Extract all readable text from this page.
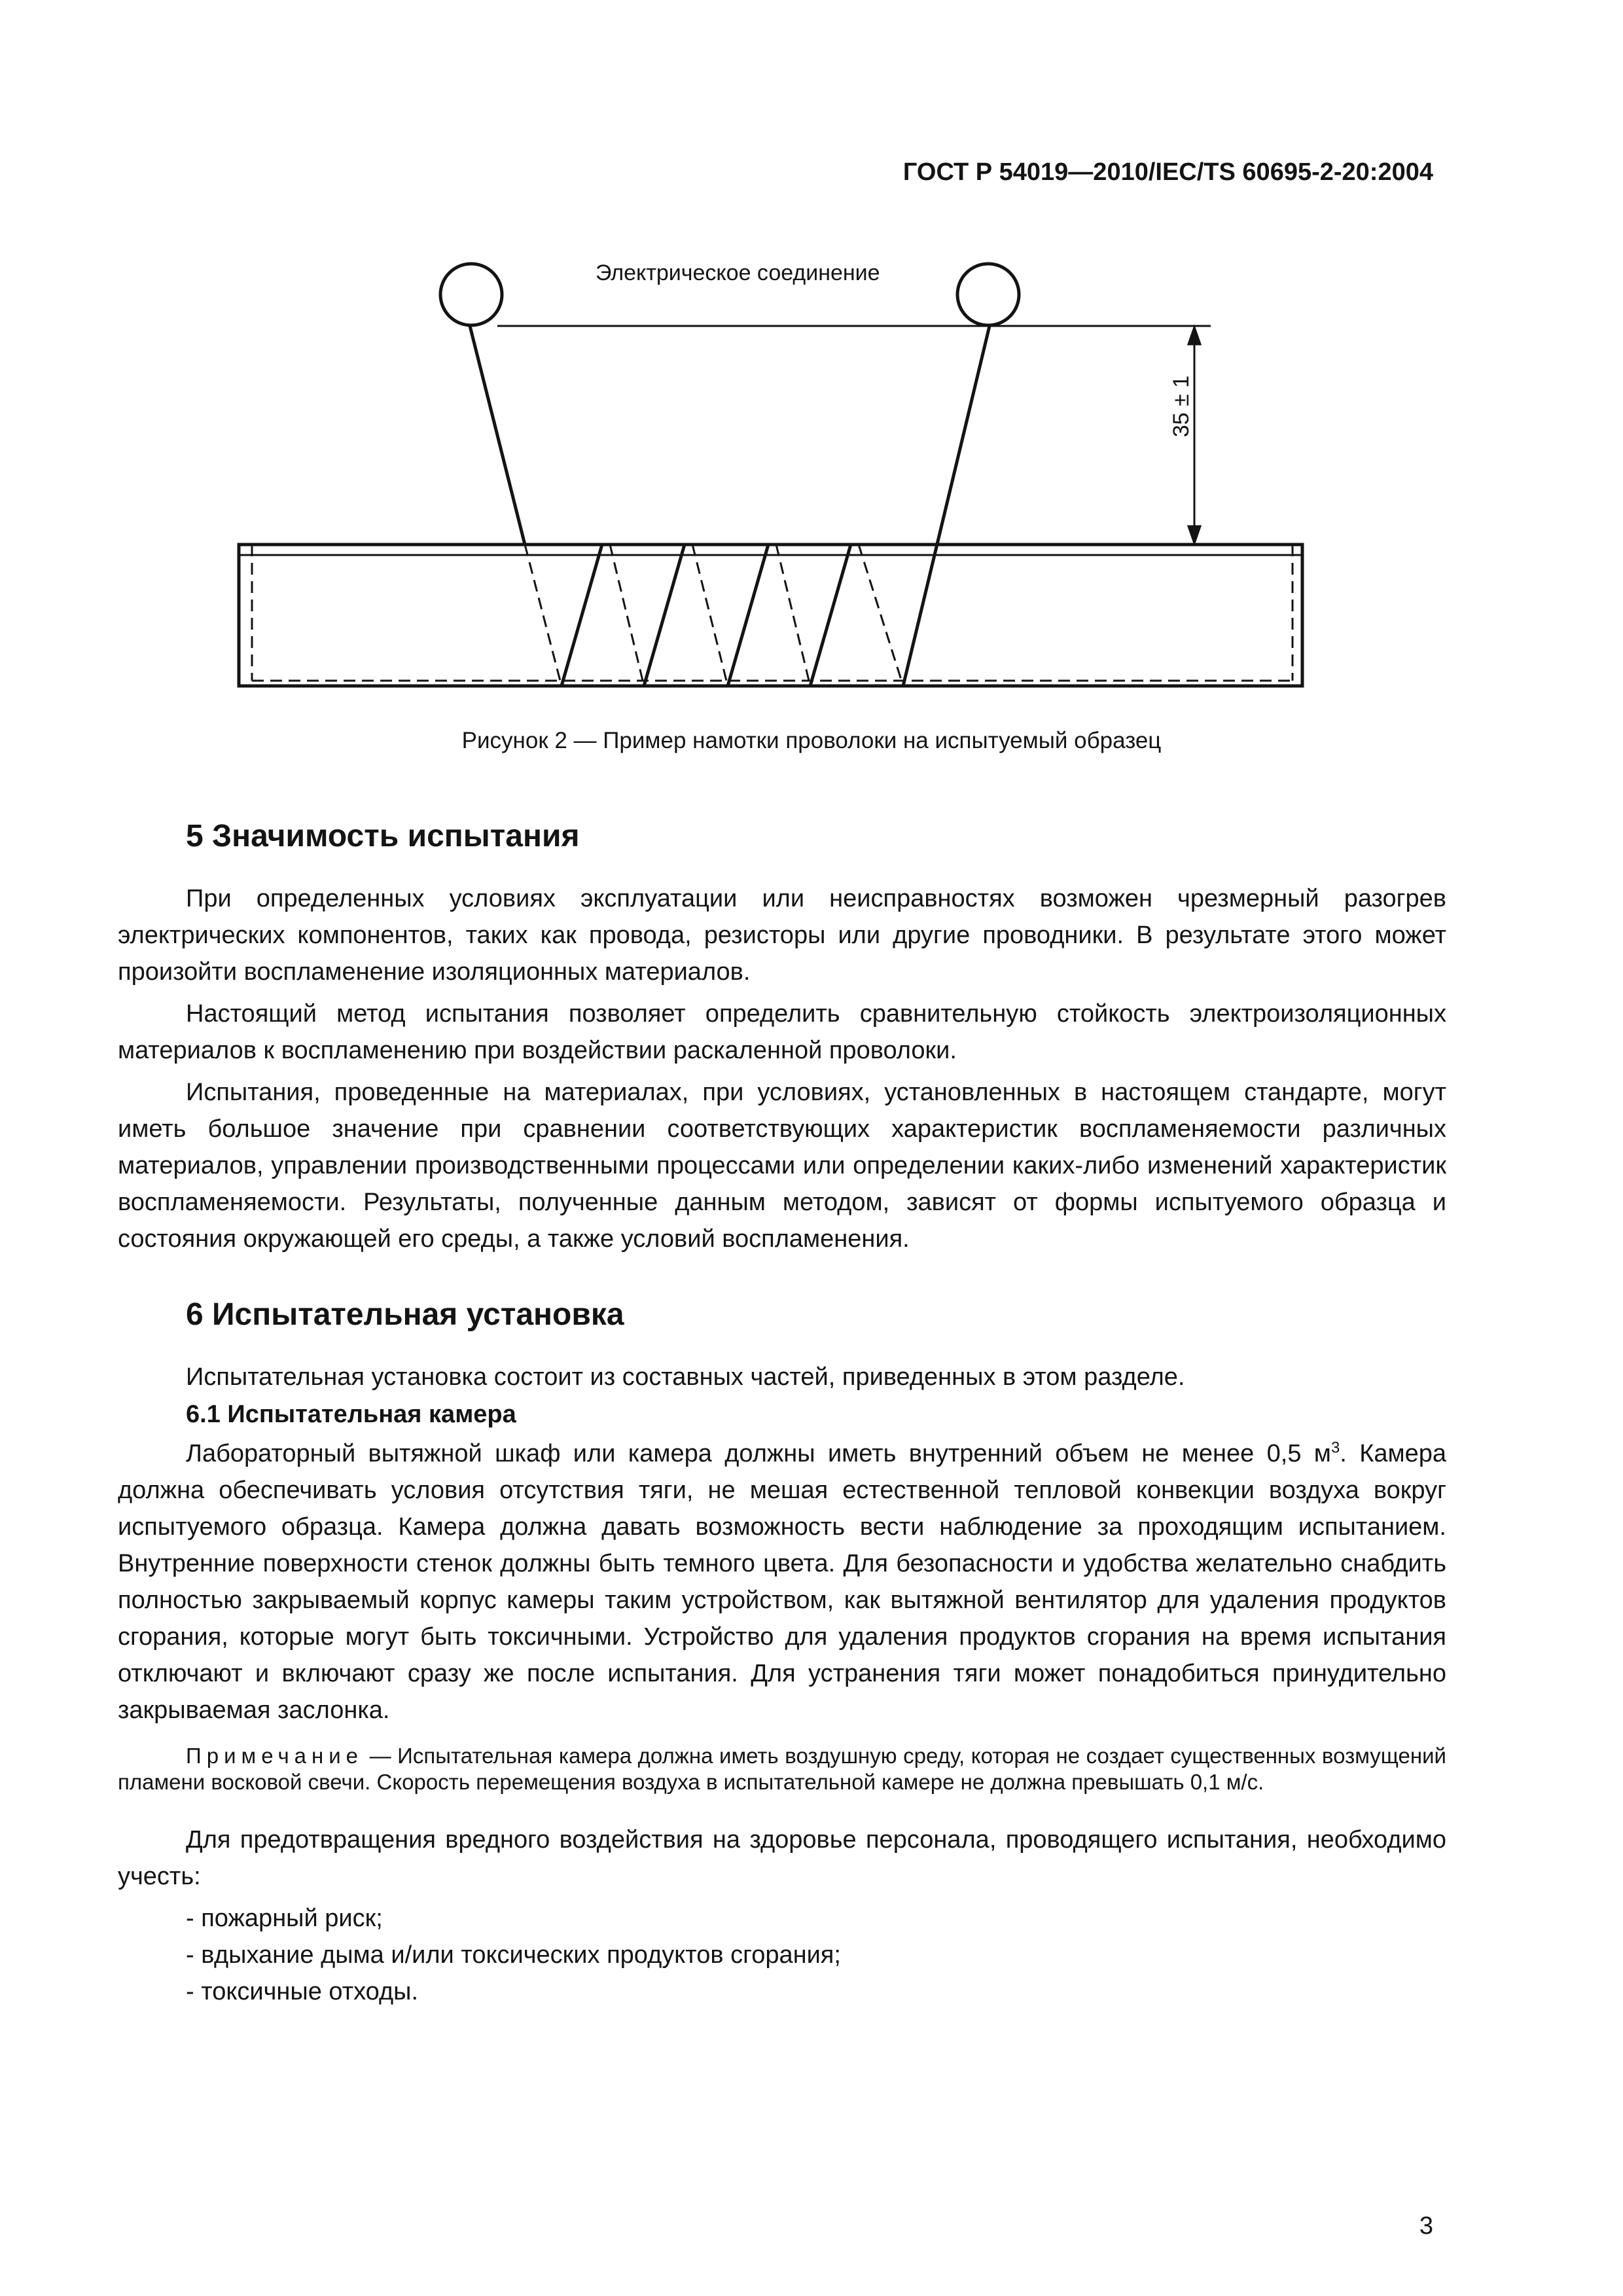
ГОСТ Р 54019—2010/IEC/TS 60695-2-20:2004
Электрическое соединение
35 ± 1
Рисунок 2 — Пример намотки проволоки на испытуемый образец
5 Значимость испытания

При определенных условиях эксплуатации или неисправностях возможен чрезмерный разогрев электрических компонентов, таких как провода, резисторы или другие проводники. В результате этого может произойти воспламенение изоляционных материалов.

Настоящий метод испытания позволяет определить сравнительную стойкость электроизоляционных материалов к воспламенению при воздействии раскаленной проволоки.

Испытания, проведенные на материалах, при условиях, установленных в настоящем стандарте, могут иметь большое значение при сравнении соответствующих характеристик воспламеняемости различных материалов, управлении производственными процессами или определении каких-либо изменений характеристик воспламеняемости. Результаты, полученные данным методом, зависят от формы испытуемого образца и состояния окружающей его среды, а также условий воспламенения.

6 Испытательная установка

Испытательная установка состоит из составных частей, приведенных в этом разделе.

6.1 Испытательная камера

Лабораторный вытяжной шкаф или камера должны иметь внутренний объем не менее 0,5 $м^3$. Камера должна обеспечивать условия отсутствия тяги, не мешая естественной тепловой конвекции воздуха вокруг испытуемого образца. Камера должна давать возможность вести наблюдение за проходящим испытанием. Внутренние поверхности стенок должны быть темного цвета. Для безопасности и удобства желательно снабдить полностью закрываемый корпус камеры таким устройством, как вытяжной вентилятор для удаления продуктов сгорания, которые могут быть токсичными. Устройство для удаления продуктов сгорания на время испытания отключают и включают сразу же после испытания. Для устранения тяги может понадобиться принудительно закрываемая заслонка.

Примечание — Испытательная камера должна иметь воздушную среду, которая не создает существенных возмущений пламени восковой свечи. Скорость перемещения воздуха в испытательной камере не должна превышать 0,1 м/с.

Для предотвращения вредного воздействия на здоровье персонала, проводящего испытания, необходимо учесть:

- пожарный риск;
- вдыхание дыма и/или токсических продуктов сгорания;
- токсичные отходы.
3
